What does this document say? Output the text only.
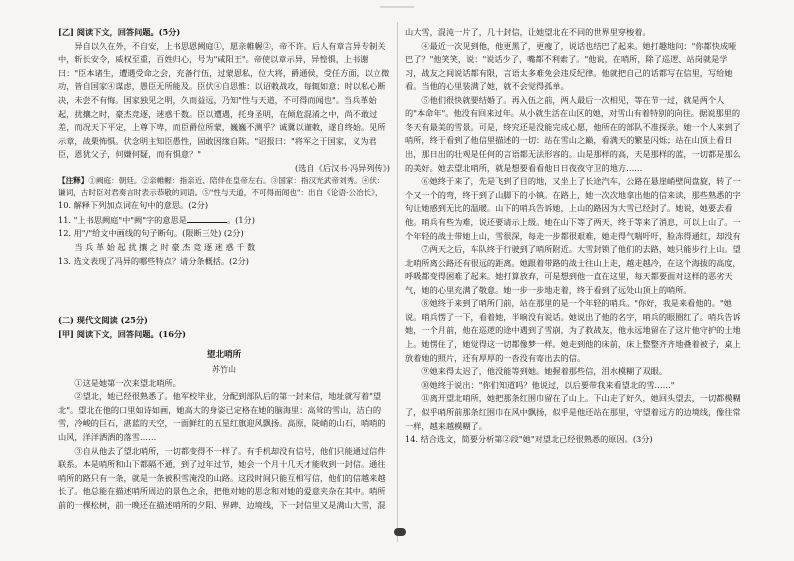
[乙] 阅读下文，回答问题。(5分)

异自以久在外，不自安，上书思恩阙庭①，愿亲帷幄②，帝不许。后人有章言异专制关中，斩长安令，威权至重，百姓归心，号为"咸阳王"。帝使以章示异，异惶惧，上书谢曰："臣本诸生，遭遇受命之会，充备行伍，过蒙恩私，位大将，爵通侯，受任方面，以立微功，皆自国家④谋虑，愚臣无所能及。臣伏④自思惟：以诏敕战攻，每辄如意；时以私心断决，未尝不有悔。国家独见之明，久而益远，乃知"性与天道，不可得而闻也"。当兵革始起，扰攘之时，豪杰竞逐，迷惑千数。臣以遭遇，托身圣明，在倾危混淆之中，尚不敢过差，而况天下平定，上尊下卑，而臣爵位所蒙，巍巍不测乎？诚冀以谨敕，遂自终始。见所示章，战栗怖惧。伏念明主知臣愚性，固敢因缘自陈。"诏报曰："将军之于国家，义为君臣，恩犹父子，何嫌何疑，而有惧意？"

(选自《后汉书·冯异列传》)

【注释】①阙庭：朝廷。②亲帷幄：指亲近、陪伴在皇帝左右。③国家：指汉光武帝刘秀。④伏：谦词，古时臣对君奏言时表示恭敬的词语。⑤"性与天道，不可得而闻也"：出自《论语·公冶长》，

10. 解释下列加点词在句中的意思。(2分)

11. "上书思阙庭"中"阙"字的意思是	。(1分)

12. 用"/"给文中画线的句子断句。(限断三处) (2分)

当 兵 革 始 起 扰 攘 之 时 豪 杰 竞 逐 迷 惑 千 数

13. 选文表现了冯异的哪些特点？请分条概括。(2分)

(二) 现代文阅读 (25分)

[甲] 阅读下文，回答问题。(16分)

望北哨所

苏竹山

①这是她第一次来望北哨所。

②望北，她已经很熟悉了。他军校毕业，分配到部队后的第一封来信，地址就写着"望北"。望北在他的口里如诗如画，她高大的身姿已定格在她的脑海里：高耸的雪山，洁白的雪，冷峻的巨石，湛蓝的天空，一面鲜红的五星红旗迎风飘扬。高原，陡峭的山石，哨哨的山风，洋洋洒洒的落雪……

③自从他去了望北哨所，一切都变得不一样了。有手机却没有信号，他们只能通过信件联系。本是哨所和山下都隔不通，到了过年过节，她会一个月十几天才能收到一封信。通往哨所的路只有一条，就是一条被积雪淹没的山路。这段时间只能互相写信，他们的信越来越长了。他总能在描述哨所周边的景色之余，把他对她的思念和对她的爱意夹杂在其中。哨所前的一棵松树，前一晚还在描述哨所的夕阳、界碑、边境线，下一封信里又是满山大雪，混

山大雪，混沌一片了，几十封信，让她望北在不同的世界里穿梭着。

④最近一次见到他，他更黑了，更瘦了，说话也结巴了起来。她打趣地问："你都快成哑巴了？"他笑笑，说："说话少了，嘴都不利索了。"他说，在哨所，除了巡逻、站岗就是学习，战友之间说话都有限，言语太多难免会违反纪律。他就把自己的话都写在信里，写给她看。当他的心里装满了她，就不会觉得孤单。

⑤他们很快就要结婚了。再入伍之前，两人最后一次相见，等在节一过，就是两个人的"本命年"。他没有回来过年。从小就生活在山区的她，对雪山有着特别的向往。据说那里的冬天有最美的雪景。可是，终究还是没能完成心愿，他所在的部队不准探亲。她一个人来到了哨所，终于看到了他信里描述的一切：站在雪山之巅，看满天的繁星闪烁；站在山顶上看日出，那日出的壮观是任何的言语都无法形容的。山是那样的高，天是那样的蓝，一切都是那么的美好。她去望北哨所，就是想要看看他日日夜夜守卫的地方……

⑥她终于来了，先是飞到了目的地，又坐上了长途汽车，公路在悬崖峭壁间盘旋，转了一个又一个的弯，终于到了山脚下的小镇。在路上，她一次次地拿出他的信来读，那些熟悉的字句让她感到无比的温暖。山下的哨兵告诉她，上山的路因为大雪已经封了。她说，她要去看他。哨兵有些为难，说还要请示上级。她在山下等了两天，终于等来了消息，可以上山了。一个年轻的战士带她上山，雪很深，每走一步都很艰难，她走得气喘吁吁，脸冻得通红，却没有

⑦两天之后，车队终于行驶到了哨所附近。大雪封锁了他们的去路，她只能步行上山。望北哨所离公路还有很远的距离。她跟着带路的战士往山上走，越走越冷，在这个海拔的高度，呼吸都变得困难了起来。她打算放弃，可是想到他一直在这里，每天都要面对这样的恶劣天气，她的心里充满了敬意。她一步一步地走着，终于看到了远处山顶上的哨所。

⑧她终于来到了哨所门前，站在那里的是一个年轻的哨兵。"你好，我是来看他的。"她说。哨兵愣了一下，看着她，半晌没有说话。她说出了他的名字，哨兵的眼圈红了。哨兵告诉她，一个月前，他在巡逻的途中遇到了雪崩，为了救战友，他永远地留在了这片他守护的土地上。她愣住了，她觉得这一切都像梦一样。她走到他的床前，床上整整齐齐地叠着被子，桌上放着她的照片，还有厚厚的一沓没有寄出去的信。

⑨她来得太迟了，他没能等到她。她握着那些信，泪水模糊了双眼。

⑩她终于说出："你们知道吗？他说过，以后要带我来看望北的雪……"

⑪离开望北哨所，她把那条红围巾留在了山上。下山走了好久，她回头望去，一切都模糊了，似乎哨所前那条红围巾在风中飘扬，似乎是他还站在那里，守望着远方的边境线，像往常一样，越来越模糊了。

14. 结合选文，简要分析第②段"她"对望北已经很熟悉的原因。(3分)
